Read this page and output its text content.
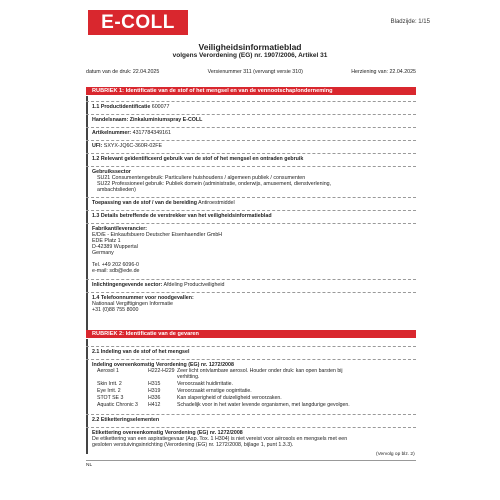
E-COLL	Bladzijde: 1/15
Veiligheidsinformatieblad
volgens Verordening (EG) nr. 1907/2006, Artikel 31
datum van de druk: 22.04.2025	Versienummer 311 (vervangt versie 310)	Herziening van: 22.04.2025
RUBRIEK 1: Identificatie van de stof of het mengsel en van de vennootschap/onderneming
1.1 Productidentificatie 600077
Handelsnaam: Zinkaluminiumspray E-COLL
Artikelnummer: 4317784349161
UFI: SXYX-JQ6C-360R-02FE
1.2 Relevant geïdentificeerd gebruik van de stof of het mengsel en ontraden gebruik
Gebruikssector
SU21 Consumentengebruik: Particuliere huishoudens / algemeen publiek / consumenten
SU22 Professioneel gebruik: Publiek domein (administratie, onderwijs, amusement, dienstverlening,
ambachtslieden)
Toepassing van de stof / van de bereiding Antiroestmiddel
1.3 Details betreffende de verstrekker van het veiligheidsinformatieblad
Fabrikant/leverancier:
E/D/E - Einkaufsbuero Deutscher Eisenhaendler GmbH
EDE Platz 1
D-42389 Wuppertal
Germany
Tel. +49 202 6096-0
e-mail: sdb@ede.de
Inlichtingengevende sector: Afdeling Productveiligheid
1.4 Telefoonnummer voor noodgevallen:
Nationaal Vergiftigingen Informatie
+31 (0)88 755 8000
RUBRIEK 2: Identificatie van de gevaren
2.1 Indeling van de stof of het mengsel
Indeling overeenkomstig Verordening (EG) nr. 1272/2008
Aerosol 1	H222-H229 Zeer licht ontvlambare aerosol. Houder onder druk: kan open barsten bij
verhitting.
Skin Irrit. 2	H315	Veroorzaakt huidirritatie.
Eye Irrit. 2	H319	Veroorzaakt ernstige oogirritatie.
STOT SE 3	H336	Kan slaperigheid of duizeligheid veroorzaken.
Aquatic Chronic 3 H412	Schadelijk voor in het water levende organismen, met langdurige gevolgen.
2.2 Etiketteringselementen
Etikettering overeenkomstig Verordening (EG) nr. 1272/2008
De etikettering van een aspiratiegevaar (Asp. Tox. 1 H304) is niet vereist voor aërosols en mengsels met een
gesloten verstuivingsinrichting (Verordening (EG) nr. 1272/2008, bijlage 1, punt 1.3.3).
(Vervolg op blz. 2)
NL
